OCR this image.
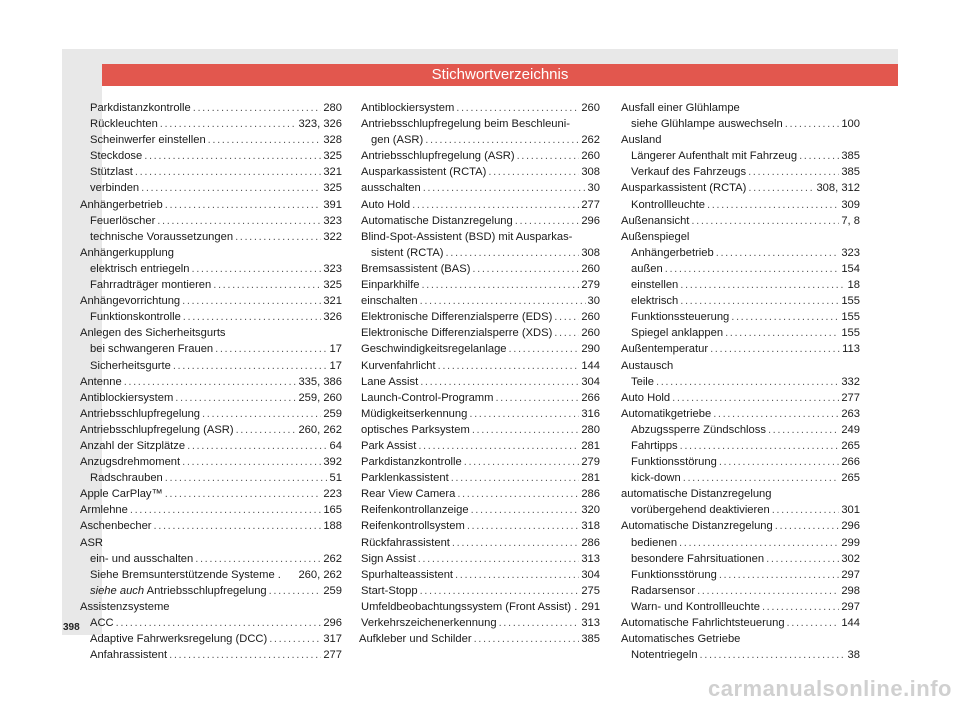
Stichwortverzeichnis
Parkdistanzkontrolle .....	280
Rückleuchten .....	323, 326
Scheinwerfer einstellen .....	328
Steckdose .....	325
Stützlast .....	321
verbinden .....	325
Anhängerbetrieb .....	391
Feuerlöscher .....	323
technische Voraussetzungen .....	322
Anhängerkupplung
elektrisch entriegeln .....	323
Fahrradträger montieren .....	325
Anhängevorrichtung .....	321
Funktionskontrolle .....	326
Anlegen des Sicherheitsgurts
bei schwangeren Frauen .....	17
Sicherheitsgurte .....	17
Antenne .....	335, 386
Antiblockiersystem .....	259, 260
Antriebsschlupfregelung .....	259
Antriebsschlupfregelung (ASR) .....	260, 262
Anzahl der Sitzplätze .....	64
Anzugsdrehmoment .....	392
Radschrauben .....	51
Apple CarPlay™ .....	223
Armlehne .....	165
Aschenbecher .....	188
ASR
ein- und ausschalten .....	262
Siehe Bremsunterstützende Systeme . 260, 262
siehe auch Antriebsschlupfregelung .....	259
Assistenzsysteme
ACC .....	296
Adaptive Fahrwerksregelung (DCC) .....	317
Anfahrassistent .....	277
Antiblockiersystem .....	260
Antriebsschlupfregelung beim Beschleuni-
gen (ASR) .....	262
Antriebsschlupfregelung (ASR) .....	260
Ausparkassistent (RCTA) .....	308
ausschalten .....	30
Auto Hold .....	277
Automatische Distanzregelung .....	296
Blind-Spot-Assistent (BSD) mit Ausparkas-
sistent (RCTA) .....	308
Bremsassistent (BAS) .....	260
Einparkhilfe .....	279
einschalten .....	30
Elektronische Differenzialsperre (EDS) .....	260
Elektronische Differenzialsperre (XDS) .....	260
Geschwindigkeitsregelanlage .....	290
Kurvenfahrlicht .....	144
Lane Assist .....	304
Launch-Control-Programm .....	266
Müdigkeitserkennung .....	316
optisches Parksystem .....	280
Park Assist .....	281
Parkdistanzkontrolle .....	279
Parklenkassistent .....	281
Rear View Camera .....	286
Reifenkontrollanzeige .....	320
Reifenkontrollsystem .....	318
Rückfahrassistent .....	286
Sign Assist .....	313
Spurhalteassistent .....	304
Start-Stopp .....	275
Umfeldbeobachtungssystem (Front Assist) . 291
Verkehrszeichenerkennung .....	313
Aufkleber und Schilder .....	385
Ausfall einer Glühlampe
siehe Glühlampe auswechseln .....	100
Ausland
Längerer Aufenthalt mit Fahrzeug .....	385
Verkauf des Fahrzeugs .....	385
Ausparkassistent (RCTA) .....	308, 312
Kontrollleuchte .....	309
Außenansicht .....	7, 8
Außenspiegel
Anhängerbetrieb .....	323
außen .....	154
einstellen .....	18
elektrisch .....	155
Funktionssteuerung .....	155
Spiegel anklappen .....	155
Außentemperatur .....	113
Austausch
Teile .....	332
Auto Hold .....	277
Automatikgetriebe .....	263
Abzugssperre Zündschloss .....	249
Fahrtipps .....	265
Funktionsstörung .....	266
kick-down .....	265
automatische Distanzregelung
vorübergehend deaktivieren .....	301
Automatische Distanzregelung .....	296
bedienen .....	299
besondere Fahrsituationen .....	302
Funktionsstörung .....	297
Radarsensor .....	298
Warn- und Kontrollleuchte .....	297
Automatische Fahrlichtsteuerung .....	144
Automatisches Getriebe
Notentriegeln .....	38
398
carmanualsonline.info
